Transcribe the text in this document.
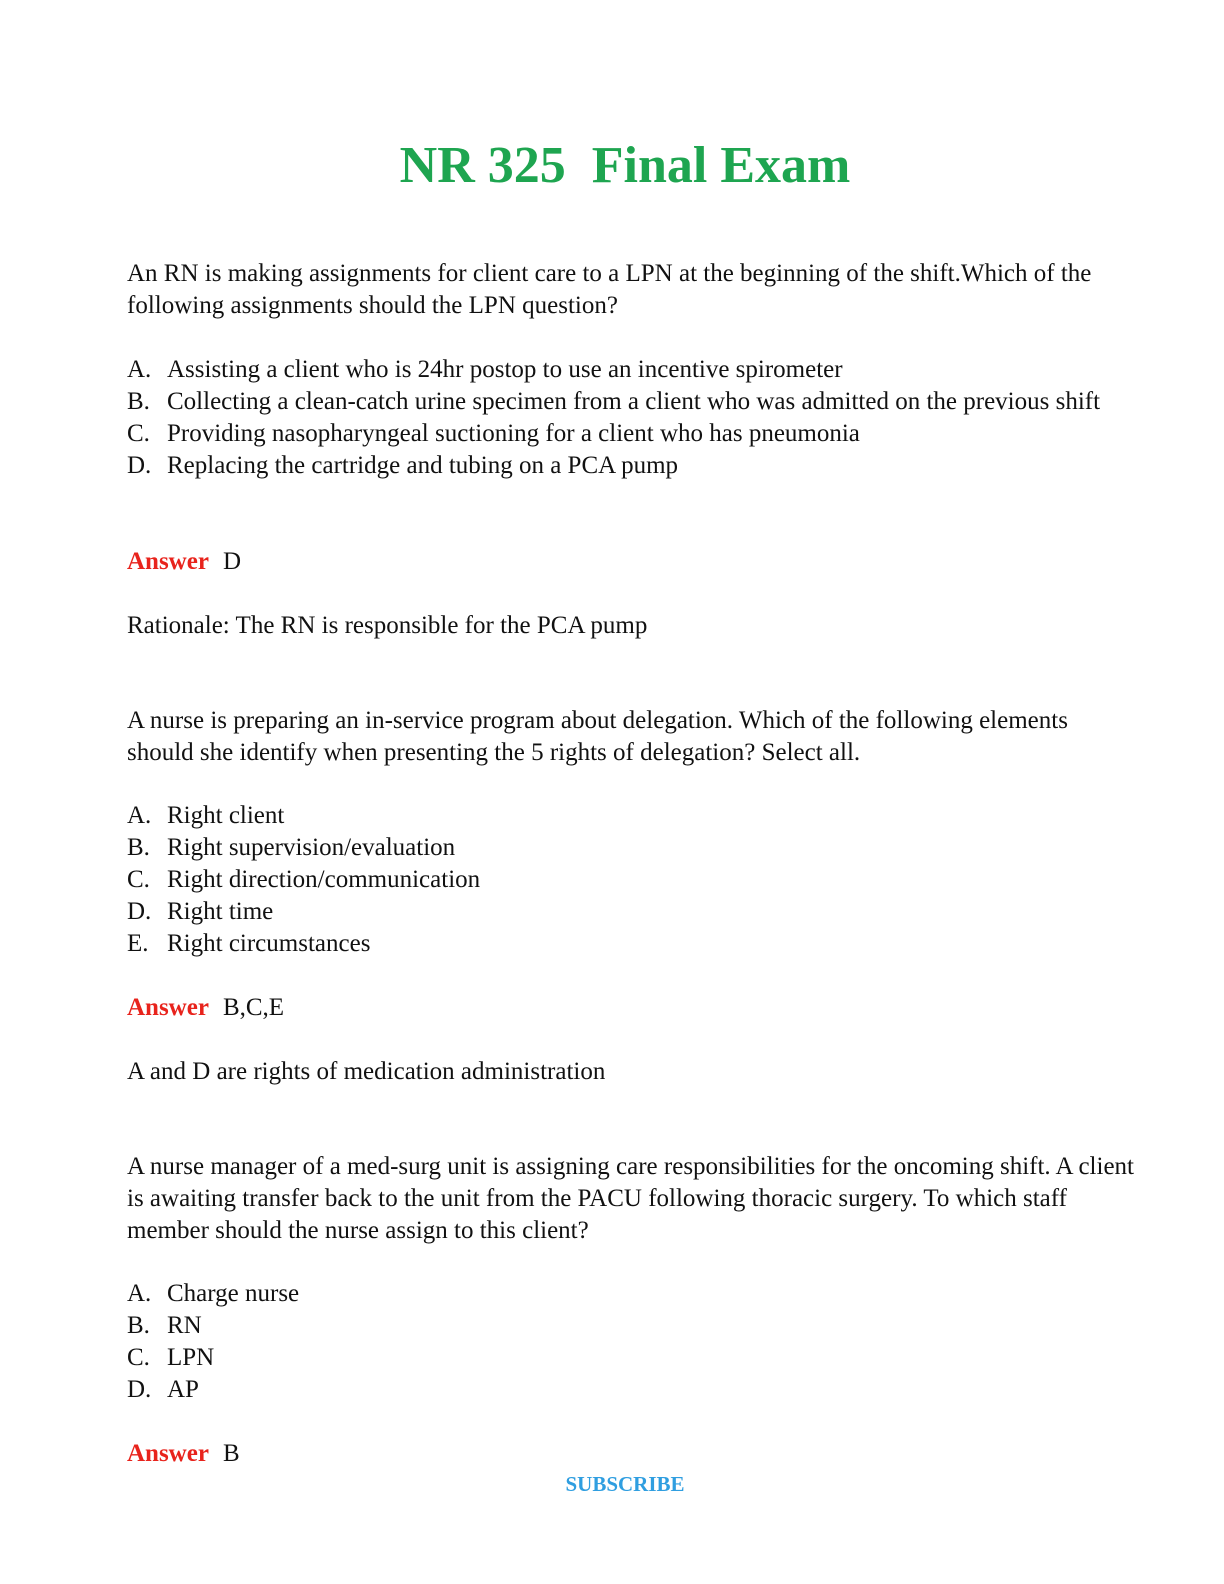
NR 325  Final Exam

An RN is making assignments for client care to a LPN at the beginning of the shift.Which of the following assignments should the LPN question?

A. Assisting a client who is 24hr postop to use an incentive spirometer
B. Collecting a clean-catch urine specimen from a client who was admitted on the previous shift
C. Providing nasopharyngeal suctioning for a client who has pneumonia
D. Replacing the cartridge and tubing on a PCA pump
Answer D

Rationale: The RN is responsible for the PCA pump

A nurse is preparing an in-service program about delegation. Which of the following elements should she identify when presenting the 5 rights of delegation? Select all.

A. Right client
B. Right supervision/evaluation
C. Right direction/communication
D. Right time
E. Right circumstances
Answer B,C,E

A and D are rights of medication administration

A nurse manager of a med-surg unit is assigning care responsibilities for the oncoming shift. A client is awaiting transfer back to the unit from the PACU following thoracic surgery. To which staff member should the nurse assign to this client?

A. Charge nurse
B. RN
C. LPN
D. AP
Answer B
SUBSCRIBE
